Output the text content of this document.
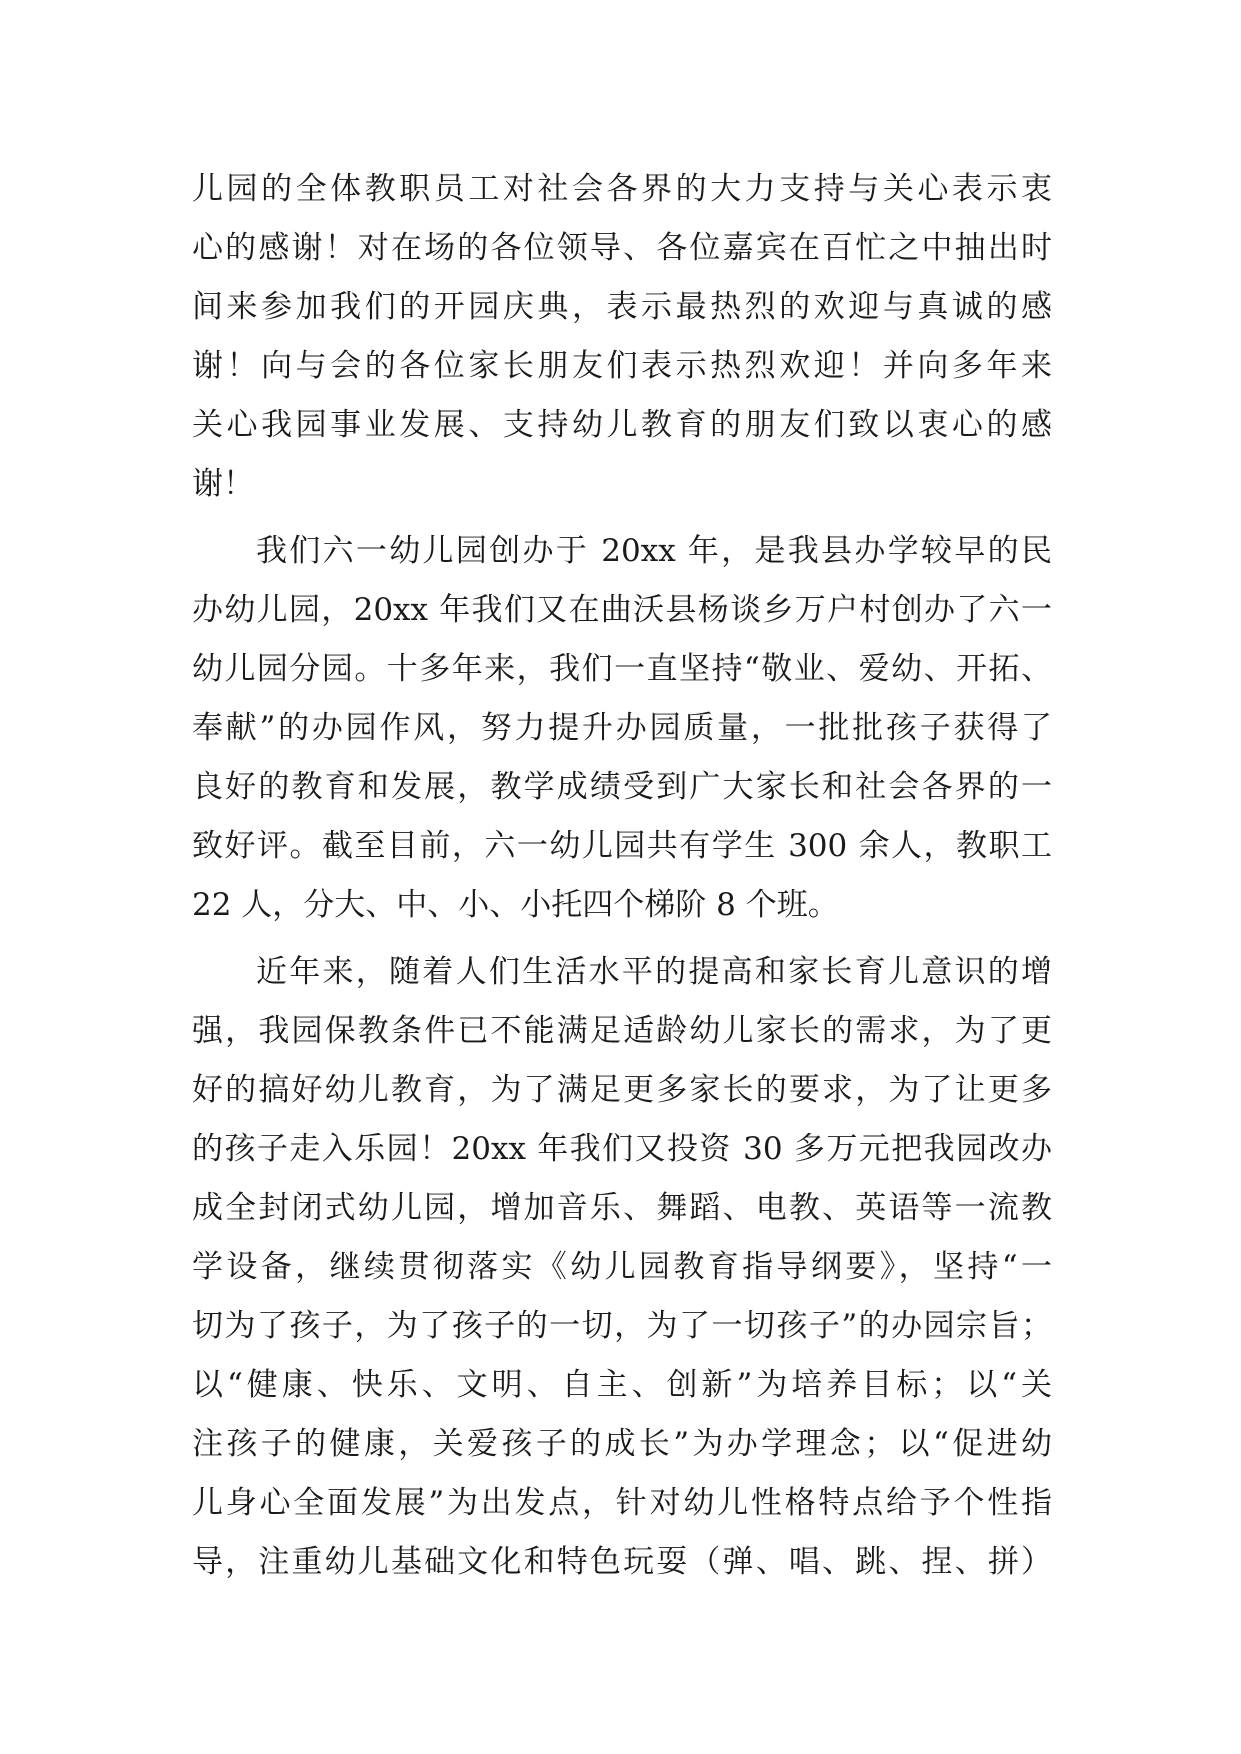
儿园的全体教职员工对社会各界的大力支持与关心表示衷
心的感谢！对在场的各位领导、各位嘉宾在百忙之中抽出时
间来参加我们的开园庆典，表示最热烈的欢迎与真诚的感
谢！向与会的各位家长朋友们表示热烈欢迎！并向多年来
关心我园事业发展、支持幼儿教育的朋友们致以衷心的感
谢！
我们六一幼儿园创办于 20xx 年，是我县办学较早的民
办幼儿园，20xx 年我们又在曲沃县杨谈乡万户村创办了六一
幼儿园分园。十多年来，我们一直坚持“敬业、爱幼、开拓、
奉献”的办园作风，努力提升办园质量，一批批孩子获得了
良好的教育和发展，教学成绩受到广大家长和社会各界的一
致好评。截至目前，六一幼儿园共有学生 300 余人，教职工
22 人，分大、中、小、小托四个梯阶 8 个班。
近年来，随着人们生活水平的提高和家长育儿意识的增
强，我园保教条件已不能满足适龄幼儿家长的需求，为了更
好的搞好幼儿教育，为了满足更多家长的要求，为了让更多
的孩子走入乐园！20xx 年我们又投资 30 多万元把我园改办
成全封闭式幼儿园，增加音乐、舞蹈、电教、英语等一流教
学设备，继续贯彻落实《幼儿园教育指导纲要》，坚持“一
切为了孩子，为了孩子的一切，为了一切孩子”的办园宗旨；
以“健康、快乐、文明、自主、创新”为培养目标；以“关
注孩子的健康，关爱孩子的成长”为办学理念；以“促进幼
儿身心全面发展”为出发点，针对幼儿性格特点给予个性指
导，注重幼儿基础文化和特色玩耍（弹、唱、跳、捏、拼）
